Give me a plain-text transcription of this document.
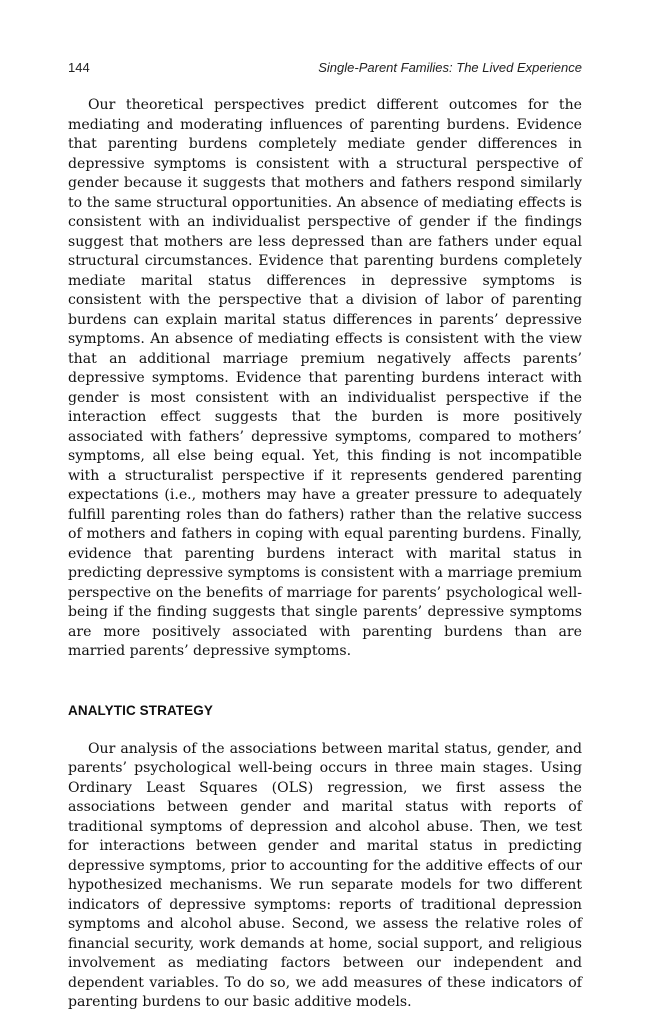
144	Single-Parent Families: The Lived Experience

Our theoretical perspectives predict different outcomes for the mediating and moderating influences of parenting burdens. Evidence that parenting burdens completely mediate gender differences in depressive symptoms is consistent with a structural perspective of gender because it suggests that mothers and fathers respond similarly to the same structural opportunities. An absence of mediating effects is consistent with an individualist perspective of gender if the findings suggest that mothers are less depressed than are fathers under equal structural circumstances. Evidence that parenting burdens completely mediate marital status differences in depressive symptoms is consistent with the perspective that a division of labor of parenting burdens can explain marital status differences in parents’ depressive symptoms. An absence of mediating effects is consistent with the view that an additional marriage premium negatively affects parents’ depressive symptoms. Evidence that parenting burdens interact with gender is most consistent with an individualist perspective if the interaction effect suggests that the burden is more positively associated with fathers’ depressive symptoms, compared to mothers’ symptoms, all else being equal. Yet, this finding is not incompatible with a structuralist perspective if it represents gendered parenting expectations (i.e., mothers may have a greater pressure to adequately fulfill parenting roles than do fathers) rather than the relative success of mothers and fathers in coping with equal parenting burdens. Finally, evidence that parenting burdens interact with marital status in predicting depressive symptoms is consistent with a marriage premium perspective on the benefits of marriage for parents’ psychological well-being if the finding suggests that single parents’ depressive symptoms are more positively associated with parenting burdens than are married parents’ depressive symptoms.

ANALYTIC STRATEGY

Our analysis of the associations between marital status, gender, and parents’ psychological well-being occurs in three main stages. Using Ordinary Least Squares (OLS) regression, we first assess the associations between gender and marital status with reports of traditional symptoms of depression and alcohol abuse. Then, we test for interactions between gender and marital status in predicting depressive symptoms, prior to accounting for the additive effects of our hypothesized mechanisms. We run separate models for two different indicators of depressive symptoms: reports of traditional depression symptoms and alcohol abuse. Second, we assess the relative roles of financial security, work demands at home, social support, and religious involvement as mediating factors between our independent and dependent variables. To do so, we add measures of these indicators of parenting burdens to our basic additive models.
